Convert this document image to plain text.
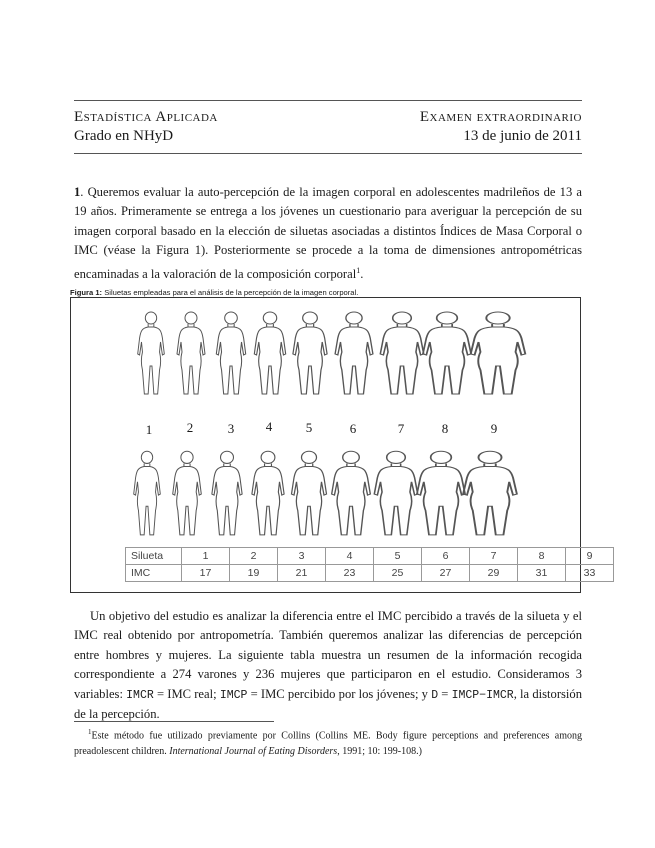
Estadística Aplicada	Examen extraordinario
Grado en NHyD	13 de junio de 2011

1. Queremos evaluar la auto-percepción de la imagen corporal en adolescentes madrileños de 13 a 19 años. Primeramente se entrega a los jóvenes un cuestionario para averiguar la percepción de su imagen corporal basado en la elección de siluetas asociadas a distintos Índices de Masa Corporal o IMC (véase la Figura 1). Posteriormente se procede a la toma de dimensiones antropométricas encaminadas a la valoración de la composición corporal$^1$.

Figura 1: Siluetas empleadas para el análisis de la percepción de la imagen corporal.
1	2	3	4	5	6	7	8	9
Silueta	1	2	3	4	5	6	7	8	9
IMC	17	19	21	23	25	27	29	31	33

Un objetivo del estudio es analizar la diferencia entre el IMC percibido a través de la silueta y el IMC real obtenido por antropometría. También queremos analizar las diferencias de percepción entre hombres y mujeres. La siguiente tabla muestra un resumen de la información recogida correspondiente a 274 varones y 236 mujeres que participaron en el estudio. Consideramos 3 variables: IMCR = IMC real; IMCP = IMC percibido por los jóvenes; y D = IMCP−IMCR, la distorsión de la percepción.

$^1$Este método fue utilizado previamente por Collins (Collins ME. Body figure perceptions and preferences among preadolescent children. International Journal of Eating Disorders, 1991; 10: 199-108.)
